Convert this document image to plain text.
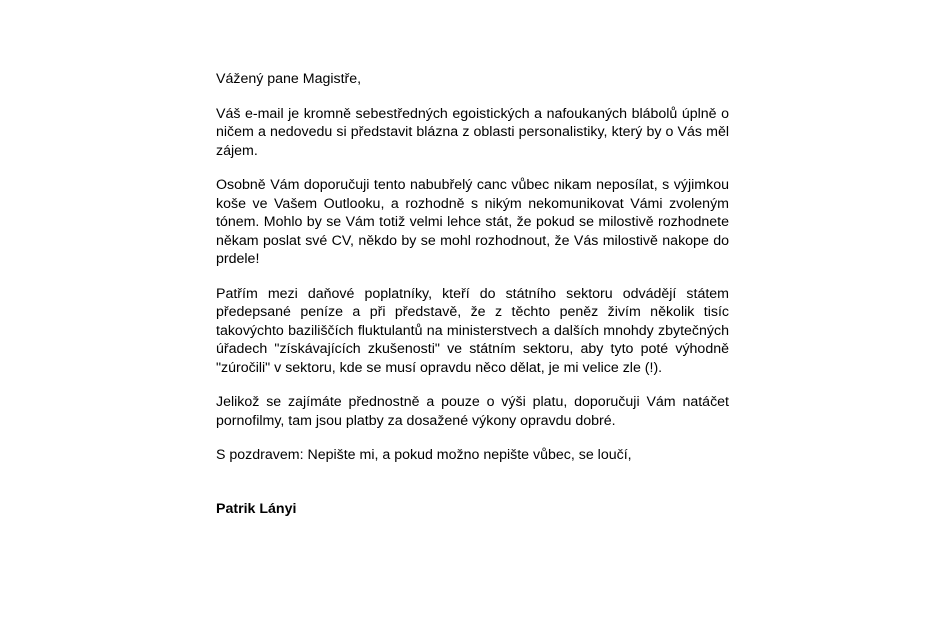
Vážený pane Magistře,

Váš e-mail je kromně sebestředných egoistických a nafoukaných blábolů úplně o ničem a nedovedu si představit blázna z oblasti personalistiky, který by o Vás měl zájem.

Osobně Vám doporučuji tento nabubřelý canc vůbec nikam neposílat, s výjimkou koše ve Vašem Outlooku, a rozhodně s nikým nekomunikovat Vámi zvoleným tónem. Mohlo by se Vám totiž velmi lehce stát, že pokud se milostivě rozhodnete někam poslat své CV, někdo by se mohl rozhodnout, že Vás milostivě nakope do prdele!

Patřím mezi daňové poplatníky, kteří do státního sektoru odvádějí státem předepsané peníze a při představě, že z těchto peněz živím několik tisíc takovýchto baziliščích fluktulantů na ministerstvech a dalších mnohdy zbytečných úřadech "získávajících zkušenosti" ve státním sektoru, aby tyto poté výhodně "zúročili" v sektoru, kde se musí opravdu něco dělat, je mi velice zle (!).

Jelikož se zajímáte přednostně a pouze o výši platu, doporučuji Vám natáčet pornofilmy, tam jsou platby za dosažené výkony opravdu dobré.

S pozdravem: Nepište mi, a pokud možno nepište vůbec, se loučí,

Patrik Lányi
